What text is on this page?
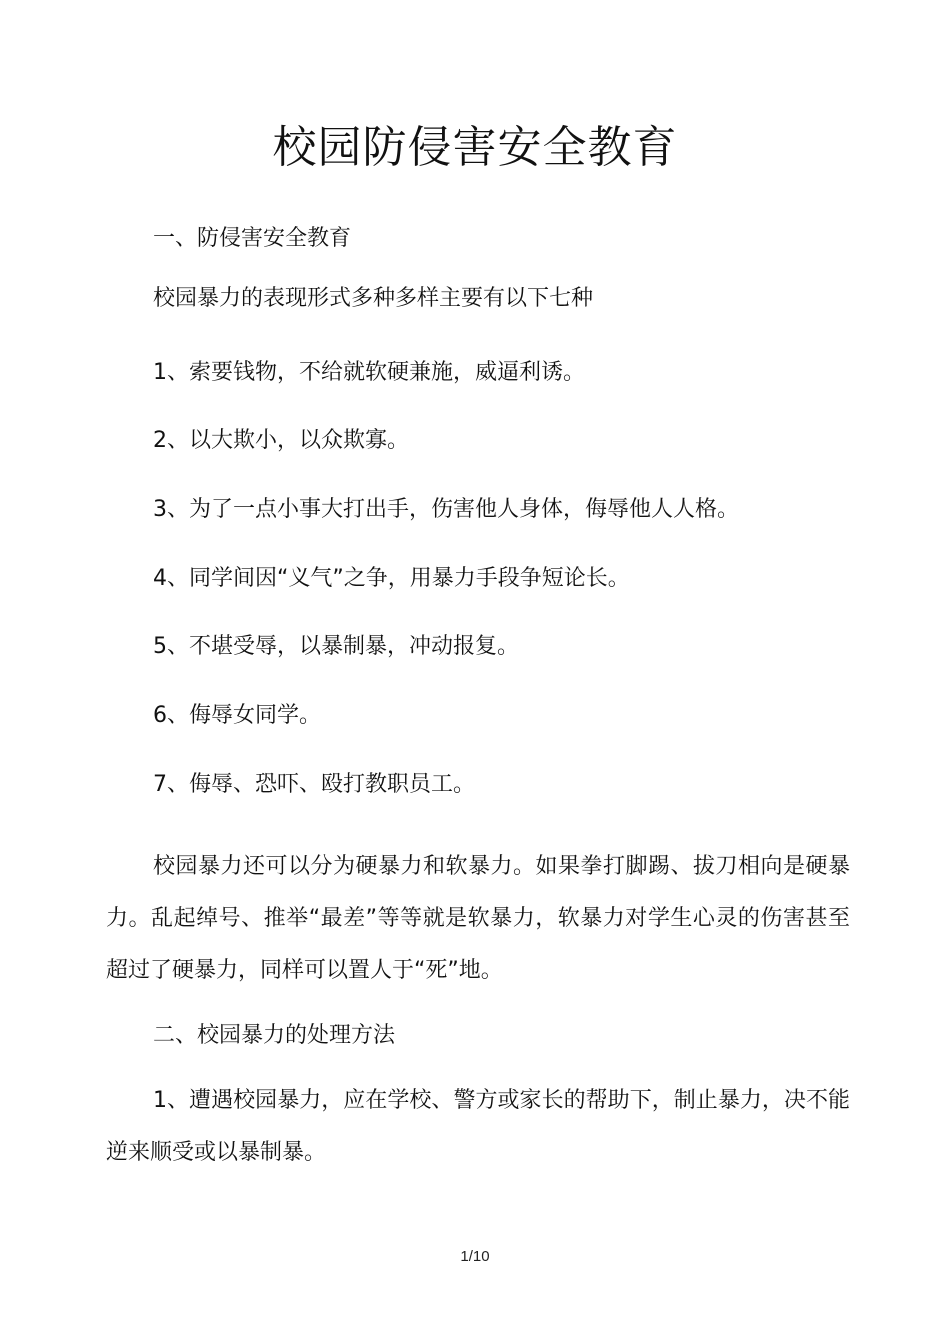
校园防侵害安全教育

一、防侵害安全教育

校园暴力的表现形式多种多样主要有以下七种

1、索要钱物，不给就软硬兼施，威逼利诱。

2、以大欺小，以众欺寡。

3、为了一点小事大打出手，伤害他人身体，侮辱他人人格。

4、同学间因“义气”之争，用暴力手段争短论长。

5、不堪受辱，以暴制暴，冲动报复。

6、侮辱女同学。

7、侮辱、恐吓、殴打教职员工。

校园暴力还可以分为硬暴力和软暴力。如果拳打脚踢、拔刀相向是硬暴力。乱起绰号、推举“最差”等等就是软暴力，软暴力对学生心灵的伤害甚至超过了硬暴力，同样可以置人于“死”地。

二、校园暴力的处理方法

1、遭遇校园暴力，应在学校、警方或家长的帮助下，制止暴力，决不能逆来顺受或以暴制暴。

1/10
